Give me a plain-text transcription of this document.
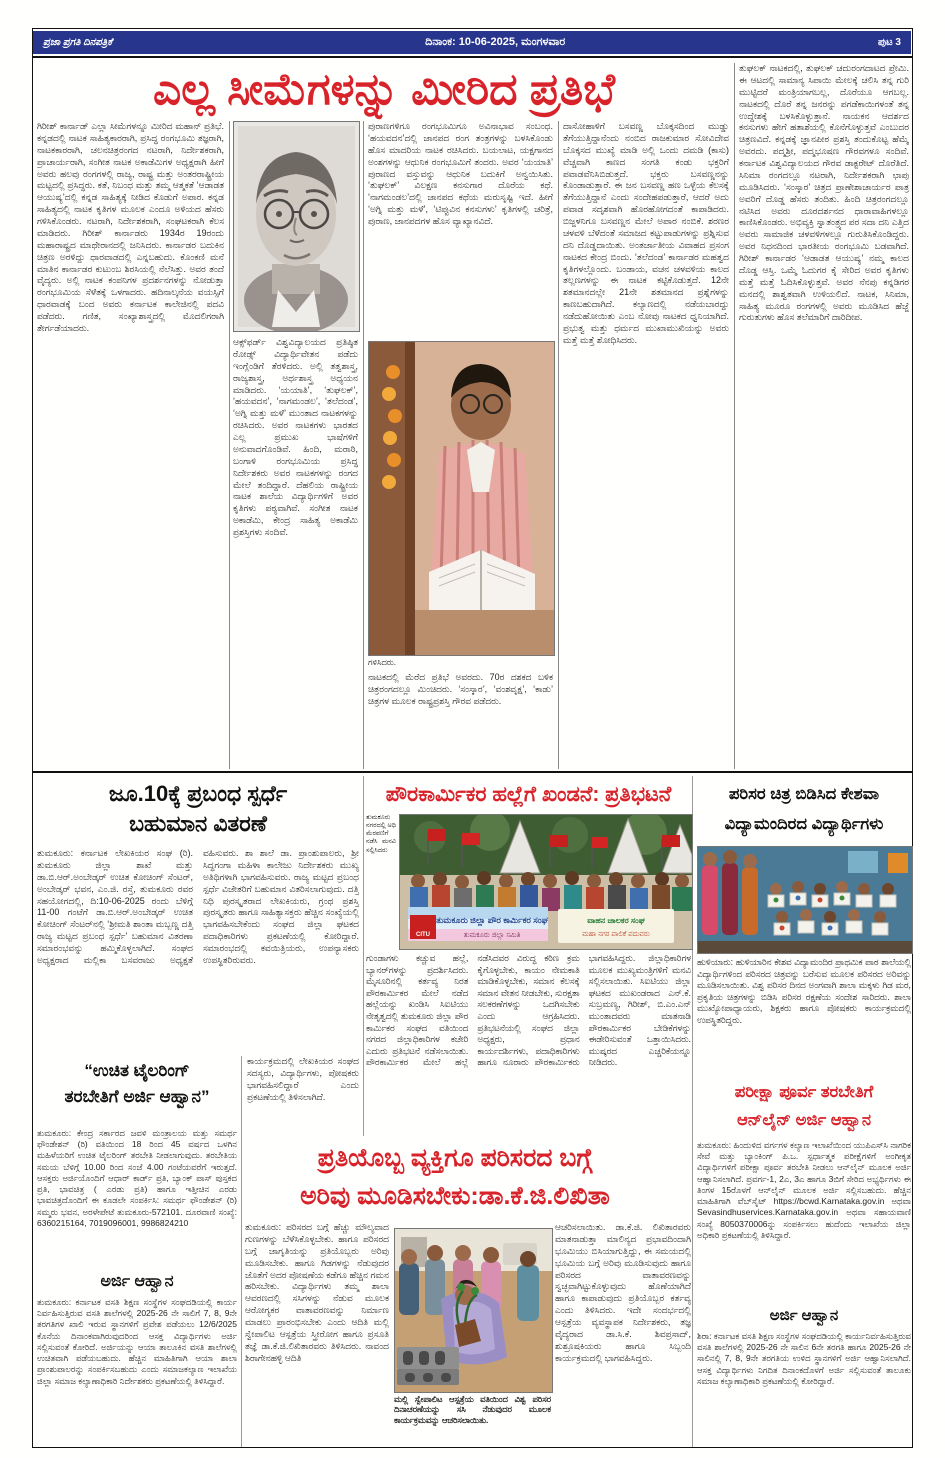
ಪ್ರಜಾ ಪ್ರಗತಿ ದಿನಪತ್ರಿಕೆ	ದಿನಾಂಕ: 10-06-2025, ಮಂಗಳವಾರ	ಪುಟ 3
ಎಲ್ಲ ಸೀಮೆಗಳನ್ನು ಮೀರಿದ ಪ್ರತಿಭೆ
ಗಿರೀಶ್ ಕಾರ್ನಾಡ್ ಎಲ್ಲಾ ಸೀಮೆಗಳನ್ನೂ ಮೀರಿದ ಮಹಾನ್ ಪ್ರತಿಭೆ. ಕನ್ನಡದಲ್ಲಿ ನಾಟಕ ಸಾಹಿತ್ಯಕಾರರಾಗಿ, ಪ್ರಸಿದ್ಧ ರಂಗಭೂಮಿ ತಜ್ಞರಾಗಿ, ನಾಟಕಕಾರರಾಗಿ, ಚಲನಚಿತ್ರರಂಗದ ನಟರಾಗಿ, ನಿರ್ದೇಶಕರಾಗಿ, ಪ್ರಾಚಾರ್ಯರಾಗಿ, ಸಂಗೀತ ನಾಟಕ ಅಕಾಡೆಮಿಗಳ ಅಧ್ಯಕ್ಷರಾಗಿ ಹೀಗೆ ಅವರು ಹಲವು ರಂಗಗಳಲ್ಲಿ ರಾಜ್ಯ, ರಾಷ್ಟ್ರ ಮತ್ತು ಅಂತರರಾಷ್ಟ್ರೀಯ ಮಟ್ಟದಲ್ಲಿ ಪ್ರಸಿದ್ಧರು. ಕತೆ, ನಿಬಂಧ ಮತ್ತು ತಮ್ಮ ಆತ್ಮಕತೆ ‘ಆಡಾಡತ ಆಯುಷ್ಯ’ದಲ್ಲಿ ಕನ್ನಡ ಸಾಹಿತ್ಯಕ್ಕೆ ನೀಡಿದ ಕೊಡುಗೆ ಅಪಾರ. ಕನ್ನಡ ಸಾಹಿತ್ಯದಲ್ಲಿ ನಾಟಕ ಕೃತಿಗಳ ಮೂಲಕ ಎಂದೂ ಅಳಿಯದ ಹೆಸರು ಗಳಿಸಿಕೊಂಡರು. ನಟರಾಗಿ, ನಿರ್ದೇಶಕರಾಗಿ, ಸಂಘಟಕರಾಗಿ ಕೆಲಸ ಮಾಡಿದರು. ಗಿರೀಶ್ ಕಾರ್ನಾಡರು 1934ರ 19ರಂದು ಮಹಾರಾಷ್ಟ್ರದ ಮಾಥೇರಾನದಲ್ಲಿ ಜನಿಸಿದರು. ಕಾರ್ನಾಡರ ಬದುಕಿನ ಚಿತ್ರಣ ಅರಳಿದ್ದು ಧಾರವಾಡದಲ್ಲಿ ಎನ್ನಬಹುದು. ಕೊಂಕಣಿ ಮನೆ ಮಾತಿನ ಕಾರ್ನಾಡರ ಕುಟುಂಬ ಶಿರಸಿಯಲ್ಲಿ ನೆಲೆಸಿತ್ತು. ಅವರ ತಂದೆ ವೈದ್ಯರು. ಅಲ್ಲಿ ನಾಟಕ ಕಂಪನಿಗಳ ಪ್ರದರ್ಶನಗಳನ್ನು ನೋಡುತ್ತಾ ರಂಗಭೂಮಿಯ ಸೆಳೆತಕ್ಕೆ ಒಳಗಾದರು. ಹದಿನಾಲ್ಕನೆಯ ವಯಸ್ಸಿಗೆ ಧಾರವಾಡಕ್ಕೆ ಬಂದ ಅವರು ಕರ್ನಾಟಕ ಕಾಲೇಜಿನಲ್ಲಿ ಪದವಿ ಪಡೆದರು. ಗಣಿತ, ಸಂಖ್ಯಾಶಾಸ್ತ್ರದಲ್ಲಿ ಮೊದಲಿಗರಾಗಿ ತೇರ್ಗಡೆಯಾದರು.
ಆಕ್ಸ್‌ಫರ್ಡ್ ವಿಶ್ವವಿದ್ಯಾಲಯದ ಪ್ರತಿಷ್ಠಿತ ರೋಡ್ಸ್ ವಿದ್ಯಾರ್ಥಿವೇತನ ಪಡೆದು ಇಂಗ್ಲೆಂಡಿಗೆ ತೆರಳಿದರು. ಅಲ್ಲಿ ತತ್ವಶಾಸ್ತ್ರ, ರಾಜ್ಯಶಾಸ್ತ್ರ, ಅರ್ಥಶಾಸ್ತ್ರ ಅಧ್ಯಯನ ಮಾಡಿದರು. ‘ಯಯಾತಿ’, ‘ತುಘಲಕ್’, ‘ಹಯವದನ’, ‘ನಾಗಮಂಡಲ’, ‘ತಲೆದಂಡ’, ‘ಅಗ್ನಿ ಮತ್ತು ಮಳೆ’ ಮುಂತಾದ ನಾಟಕಗಳನ್ನು ರಚಿಸಿದರು. ಅವರ ನಾಟಕಗಳು ಭಾರತದ ಎಲ್ಲ ಪ್ರಮುಖ ಭಾಷೆಗಳಿಗೆ ಅನುವಾದಗೊಂಡಿವೆ. ಹಿಂದಿ, ಮರಾಠಿ, ಬಂಗಾಳಿ ರಂಗಭೂಮಿಯ ಪ್ರಸಿದ್ಧ ನಿರ್ದೇಶಕರು ಅವರ ನಾಟಕಗಳನ್ನು ರಂಗದ ಮೇಲೆ ತಂದಿದ್ದಾರೆ. ದೆಹಲಿಯ ರಾಷ್ಟ್ರೀಯ ನಾಟಕ ಶಾಲೆಯ ವಿದ್ಯಾರ್ಥಿಗಳಿಗೆ ಅವರ ಕೃತಿಗಳು ಪಠ್ಯವಾಗಿವೆ. ಸಂಗೀತ ನಾಟಕ ಅಕಾಡೆಮಿ, ಕೇಂದ್ರ ಸಾಹಿತ್ಯ ಅಕಾಡೆಮಿ ಪ್ರಶಸ್ತಿಗಳು ಸಂದಿವೆ.
ಪುರಾಣಗಳಿಗೂ ರಂಗಭೂಮಿಗೂ ಅವಿನಾಭಾವ ಸಂಬಂಧ. ‘ಹಯವದನ’ದಲ್ಲಿ ಜಾನಪದ ರಂಗ ತಂತ್ರಗಳನ್ನು ಬಳಸಿಕೊಂಡು ಹೊಸ ಮಾದರಿಯ ನಾಟಕ ರಚಿಸಿದರು. ಬಯಲಾಟ, ಯಕ್ಷಗಾನದ ಅಂಶಗಳನ್ನು ಆಧುನಿಕ ರಂಗಭೂಮಿಗೆ ತಂದರು. ಅವರ ‘ಯಯಾತಿ’ ಪುರಾಣದ ವಸ್ತುವನ್ನು ಆಧುನಿಕ ಬದುಕಿಗೆ ಅನ್ವಯಿಸಿತು. ‘ತುಘಲಕ್’ ವಿಲಕ್ಷಣ ಕನಸುಗಾರ ದೊರೆಯ ಕಥೆ. ‘ನಾಗಮಂಡಲ’ದಲ್ಲಿ ಜಾನಪದ ಕಥೆಯ ಮರುಸೃಷ್ಟಿ ಇದೆ. ಹೀಗೆ ‘ಅಗ್ನಿ ಮತ್ತು ಮಳೆ’, ‘ಟಿಪ್ಪುವಿನ ಕನಸುಗಳು’ ಕೃತಿಗಳಲ್ಲಿ ಚರಿತ್ರೆ, ಪುರಾಣ, ಜಾನಪದಗಳ ಹೊಸ ವ್ಯಾಖ್ಯಾನವಿದೆ.
ಗಳಿಸಿದರು.
ನಾಟಕದಲ್ಲಿ ಮೆರೆದ ಪ್ರತಿಭೆ ಅವರದು. 70ರ ದಶಕದ ಬಳಿಕ ಚಿತ್ರರಂಗದಲ್ಲೂ ಮಿಂಚಿದರು. ‘ಸಂಸ್ಕಾರ’, ‘ವಂಶವೃಕ್ಷ’, ‘ಕಾಡು’ ಚಿತ್ರಗಳ ಮೂಲಕ ರಾಷ್ಟ್ರಪ್ರಶಸ್ತಿ ಗೌರವ ಪಡೆದರು.
ದಾಸೋಹಾಳಿಗೆ ಬಸವಣ್ಣ ಬೊಕ್ಕಸದಿಂದ ಮುಡ್ಡು ತೆಗೆಯುತ್ತಿದ್ದಾನೆಂದು ನಂಬಿದ ರಾಜಕುಮಾರ ಸೋವಿದೇವ ಬೊಕ್ಕಸದ ಮುಖ್ಯೆ ಮಾಡಿ ಅಲ್ಲಿ ಒಂದು ದಮಡಿ (ಕಾಸು) ವೆಚ್ಚವಾಗಿ ಕಾಣದ ಸಂಗತಿ ಕಂಡು ಭಕ್ತರಿಗೆ ಪವಾಡವೆನಿಸಿಬಿಡುತ್ತದೆ. ಭಕ್ತರು ಬಸವಣ್ಣನನ್ನು ಕೊಂಡಾಡುತ್ತಾರೆ. ಈ ಜನ ಬಸವಣ್ಣ ಹಣ ಒಳ್ಳೆಯ ಕೆಲಸಕ್ಕೆ ತೆಗೆಯುತ್ತಿದ್ದಾನೆ ಎಂದು ಸಂದೇಹಪಡುತ್ತಾರೆ, ಆದರೆ ಅದು ಪವಾಡ ಸದೃಶವಾಗಿ ಹೊರಹೋಗದಂತೆ ಕಾಪಾಡಿದರು. ಬಿಜ್ಜಳನಿಗೂ ಬಸವಣ್ಣನ ಮೇಲೆ ಅಪಾರ ನಂಬಿಕೆ. ಶರಣರ ಚಳವಳಿ ಬೆಳೆದಂತೆ ಸಮಾಜದ ಕಟ್ಟುಪಾಡುಗಳನ್ನು ಪ್ರಶ್ನಿಸುವ ದನಿ ದೊಡ್ಡದಾಯಿತು. ಅಂತರ್ಜಾತೀಯ ವಿವಾಹದ ಪ್ರಸಂಗ ನಾಟಕದ ಕೇಂದ್ರ ಬಿಂದು. ‘ತಲೆದಂಡ’ ಕಾರ್ನಾಡರ ಮಹತ್ವದ ಕೃತಿಗಳಲ್ಲೊಂದು. ಬಂಡಾಯ, ವಚನ ಚಳವಳಿಯ ಕಾಲದ ತಲ್ಲಣಗಳನ್ನು ಈ ನಾಟಕ ಕಟ್ಟಿಕೊಡುತ್ತದೆ. 12ನೇ ಶತಮಾನದಲ್ಲೇ 21ನೇ ಶತಮಾನದ ಪ್ರಶ್ನೆಗಳನ್ನು ಕಾಣಬಹುದಾಗಿದೆ. ಕಲ್ಯಾಣದಲ್ಲಿ ನಡೆಯಬಾರದ್ದು ನಡೆದುಹೋಯಿತು ಎಂಬ ನೋವು ನಾಟಕದ ಧ್ವನಿಯಾಗಿದೆ. ಪ್ರಭುತ್ವ ಮತ್ತು ಧರ್ಮದ ಮುಖಾಮುಖಿಯನ್ನು ಅವರು ಮತ್ತೆ ಮತ್ತೆ ಶೋಧಿಸಿದರು.
ತುಘಲಕ್ ನಾಟಕದಲ್ಲಿ, ತುಘಲಕ್ ಚದುರಂಗದಾಟದ ಪ್ರೇಮಿ. ಈ ಆಟದಲ್ಲಿ ಸಾಮಾನ್ಯ ಸಿಪಾಯಿ ಮೇಲಕ್ಕೆ ಚಲಿಸಿ ತನ್ನ ಗುರಿ ಮುಟ್ಟಿದರೆ ಮಂತ್ರಿಯಾಗಬಲ್ಲ, ದೊರೆಯೂ ಆಗಬಲ್ಲ. ನಾಟಕದಲ್ಲಿ ದೊರೆ ತನ್ನ ಜನರನ್ನು ಪಗಡೆಕಾಯಿಗಳಂತೆ ತನ್ನ ಉದ್ದೇಶಕ್ಕೆ ಬಳಸಿಕೊಳ್ಳುತ್ತಾನೆ. ನಾಯಕನ ಆದರ್ಶದ ಕನಸುಗಳು ಹೇಗೆ ಹತಾಶೆಯಲ್ಲಿ ಕೊನೆಗೊಳ್ಳುತ್ತವೆ ಎಂಬುದರ ಚಿತ್ರಣವಿದೆ. ಕನ್ನಡಕ್ಕೆ ಜ್ಞಾನಪೀಠ ಪ್ರಶಸ್ತಿ ತಂದುಕೊಟ್ಟ ಹೆಮ್ಮೆ ಅವರದು. ಪದ್ಮಶ್ರೀ, ಪದ್ಮಭೂಷಣ ಗೌರವಗಳೂ ಸಂದಿವೆ. ಕರ್ನಾಟಕ ವಿಶ್ವವಿದ್ಯಾಲಯದ ಗೌರವ ಡಾಕ್ಟರೇಟ್ ದೊರೆತಿದೆ. ಸಿನಿಮಾ ರಂಗದಲ್ಲೂ ನಟರಾಗಿ, ನಿರ್ದೇಶಕರಾಗಿ ಛಾಪು ಮೂಡಿಸಿದರು. ‘ಸಂಸ್ಕಾರ’ ಚಿತ್ರದ ಪ್ರಾಣೇಶಾಚಾರ್ಯರ ಪಾತ್ರ ಅವರಿಗೆ ದೊಡ್ಡ ಹೆಸರು ತಂದಿತು. ಹಿಂದಿ ಚಿತ್ರರಂಗದಲ್ಲೂ ನಟಿಸಿದ ಅವರು ದೂರದರ್ಶನದ ಧಾರಾವಾಹಿಗಳಲ್ಲೂ ಕಾಣಿಸಿಕೊಂಡರು. ಅಭಿವ್ಯಕ್ತಿ ಸ್ವಾತಂತ್ರ್ಯದ ಪರ ಸದಾ ದನಿ ಎತ್ತಿದ ಅವರು ಸಾಮಾಜಿಕ ಚಳವಳಿಗಳಲ್ಲೂ ಗುರುತಿಸಿಕೊಂಡಿದ್ದರು. ಅವರ ನಿಧನದಿಂದ ಭಾರತೀಯ ರಂಗಭೂಮಿ ಬಡವಾಗಿದೆ. ಗಿರೀಶ್ ಕಾರ್ನಾಡರ ‘ಆಡಾಡತ ಆಯುಷ್ಯ’ ನಮ್ಮ ಕಾಲದ ದೊಡ್ಡ ಆಸ್ತಿ. ಒಮ್ಮೆ ಓದುಗರ ಕೈ ಸೇರಿದ ಅವರ ಕೃತಿಗಳು ಮತ್ತೆ ಮತ್ತೆ ಓದಿಸಿಕೊಳ್ಳುತ್ತವೆ. ಅವರ ನೆನಪು ಕನ್ನಡಿಗರ ಮನದಲ್ಲಿ ಶಾಶ್ವತವಾಗಿ ಉಳಿಯಲಿದೆ. ನಾಟಕ, ಸಿನಿಮಾ, ಸಾಹಿತ್ಯ ಮೂರೂ ರಂಗಗಳಲ್ಲಿ ಅವರು ಮೂಡಿಸಿದ ಹೆಜ್ಜೆ ಗುರುತುಗಳು ಹೊಸ ತಲೆಮಾರಿಗೆ ದಾರಿದೀಪ.
ಜೂ.10ಕ್ಕೆ ಪ್ರಬಂಧ ಸ್ಪರ್ಧೆ
ಬಹುಮಾನ ವಿತರಣೆ
ತುಮಕೂರು: ಕರ್ನಾಟಕ ಲೇಖಕಿಯರ ಸಂಘ (ರಿ). ತುಮಕೂರು ಜಿಲ್ಲಾ ಶಾಖೆ ಮತ್ತು ಡಾ.ಬಿ.ಆರ್.ಅಂಬೇಡ್ಕರ್ ಉಚಿತ ಕೋಚಿಂಗ್ ಸೆಂಟರ್, ಅಂಬೇಡ್ಕರ್ ಭವನ, ಎಂ.ಜಿ. ರಸ್ತೆ, ತುಮಕೂರು ರವರ ಸಹಯೋಗದಲ್ಲಿ, ದಿ:10-06-2025 ರಂದು ಬೆಳಿಗ್ಗೆ 11-00 ಗಂಟೆಗೆ ಡಾ.ಬಿ.ಆರ್.ಅಂಬೇಡ್ಕರ್ ಉಚಿತ ಕೋಚಿಂಗ್ ಸೆಂಟರ್‌ನಲ್ಲಿ ‘ಶ್ರೀಮತಿ ಶಾಂತಾ ಮಬ್ಬಣ್ಣ ದತ್ತಿ ರಾಜ್ಯ ಮಟ್ಟದ ಪ್ರಬಂಧ ಸ್ಪರ್ಧೆ’ ಬಹುಮಾನ ವಿತರಣಾ ಸಮಾರಂಭವನ್ನು ಹಮ್ಮಿಕೊಳ್ಳಲಾಗಿದೆ. ಸಂಘದ ಅಧ್ಯಕ್ಷರಾದ ಮಲ್ಲಿಕಾ ಬಸವರಾಜು ಅಧ್ಯಕ್ಷತೆ ವಹಿಸುವರು. ಶಾ ಶಾಲೆ ಡಾ. ಪ್ರಾಂಶುಪಾಲರು, ಶ್ರೀ ಸಿದ್ಧಗಂಗಾ ಮಹಿಳಾ ಕಾಲೇಜು ನಿರ್ದೇಶಕರು ಮುಖ್ಯ ಅತಿಥಿಗಳಾಗಿ ಭಾಗವಹಿಸುವರು. ರಾಜ್ಯ ಮಟ್ಟದ ಪ್ರಬಂಧ ಸ್ಪರ್ಧೆ ವಿಜೇತರಿಗೆ ಬಹುಮಾನ ವಿತರಿಸಲಾಗುವುದು. ದತ್ತಿ ನಿಧಿ ಪುರಸ್ಕೃತರಾದ ಲೇಖಕಿಯರು, ಗ್ರಂಥ ಪ್ರಶಸ್ತಿ ಪುರಸ್ಕೃತರು ಹಾಗೂ ಸಾಹಿತ್ಯಾಸಕ್ತರು ಹೆಚ್ಚಿನ ಸಂಖ್ಯೆಯಲ್ಲಿ ಭಾಗವಹಿಸಬೇಕೆಂದು ಸಂಘದ ಜಿಲ್ಲಾ ಘಟಕದ ಪದಾಧಿಕಾರಿಗಳು ಪ್ರಕಟಣೆಯಲ್ಲಿ ಕೋರಿದ್ದಾರೆ. ಸಮಾರಂಭದಲ್ಲಿ ಕವಯಿತ್ರಿಯರು, ಉಪನ್ಯಾಸಕರು ಉಪಸ್ಥಿತರಿರುವರು.
ಕಾರ್ಯಕ್ರಮದಲ್ಲಿ ಲೇಖಕಿಯರ ಸಂಘದ ಸದಸ್ಯರು, ವಿದ್ಯಾರ್ಥಿಗಳು, ಪೋಷಕರು ಭಾಗವಹಿಸಲಿದ್ದಾರೆ ಎಂದು ಪ್ರಕಟಣೆಯಲ್ಲಿ ತಿಳಿಸಲಾಗಿದೆ.
“ಉಚಿತ ಟೈಲರಿಂಗ್
ತರಬೇತಿಗೆ ಅರ್ಜಿ ಆಹ್ವಾನ”
ತುಮಕೂರು: ಕೇಂದ್ರ ಸರ್ಕಾರದ ಜವಳಿ ಮಂತ್ರಾಲಯ ಮತ್ತು ಸಮರ್ಥ ಫೌಂಡೇಶನ್ (ರಿ) ವತಿಯಿಂದ 18 ರಿಂದ 45 ವರ್ಷದ ಒಳಗಿನ ಮಹಿಳೆಯರಿಗೆ ಉಚಿತ ಟೈಲರಿಂಗ್ ತರಬೇತಿ ನೀಡಲಾಗುವುದು. ತರಬೇತಿಯ ಸಮಯ ಬೆಳಿಗ್ಗೆ 10.00 ರಿಂದ ಸಂಜೆ 4.00 ಗಂಟೆಯವರೆಗೆ ಇರುತ್ತದೆ. ಆಸಕ್ತರು ಅರ್ಜಿಯೊಂದಿಗೆ ಆಧಾರ್ ಕಾರ್ಡ್ ಪ್ರತಿ, ಬ್ಯಾಂಕ್ ಪಾಸ್ ಪುಸ್ತಕದ ಪ್ರತಿ, ಭಾವಚಿತ್ರ ( ಎರಡು ಪ್ರತಿ) ಹಾಗೂ ಇತ್ತೀಚಿನ ಎರಡು ಭಾವಚಿತ್ರದೊಂದಿಗೆ ಈ ಕೂಡಲೇ ಸಂಪರ್ಕಿಸಿ: ಸಮರ್ಥ ಫೌಂಡೇಶನ್ (ರಿ) ಸಮ್ಮರು ಭವನ, ಅರಳೇಪೇಟೆ ತುಮಕೂರು-572101. ದೂರವಾಣಿ ಸಂಖ್ಯೆ: 6360215164, 7019096001, 9986824210
ಅರ್ಜಿ ಆಹ್ವಾನ
ತುಮಕೂರು: ಕರ್ನಾಟಕ ವಸತಿ ಶಿಕ್ಷಣ ಸಂಸ್ಥೆಗಳ ಸಂಘದಡಿಯಲ್ಲಿ ಕಾರ್ಯ ನಿರ್ವಹಿಸುತ್ತಿರುವ ವಸತಿ ಶಾಲೆಗಳಲ್ಲಿ 2025-26 ನೇ ಸಾಲಿಗೆ 7, 8, 9ನೇ ತರಗತಿಗಳ ಖಾಲಿ ಇರುವ ಸ್ಥಾನಗಳಿಗೆ ಪ್ರವೇಶ ಪಡೆಯಲು 12/6/2025 ಕೊನೆಯ ದಿನಾಂಕವಾಗಿರುವುದರಿಂದ ಆಸಕ್ತ ವಿದ್ಯಾರ್ಥಿಗಳು ಅರ್ಜಿ ಸಲ್ಲಿಸುವಂತೆ ಕೋರಿದೆ. ಅರ್ಜಿಯನ್ನು ಆಯಾ ತಾಲೂಕಿನ ವಸತಿ ಶಾಲೆಗಳಲ್ಲಿ ಉಚಿತವಾಗಿ ಪಡೆಯಬಹುದು. ಹೆಚ್ಚಿನ ಮಾಹಿತಿಗಾಗಿ ಆಯಾ ಶಾಲಾ ಪ್ರಾಂಶುಪಾಲರನ್ನು ಸಂಪರ್ಕಿಸಬಹುದು ಎಂದು ಸಮಾಜಕಲ್ಯಾಣ ಇಲಾಖೆಯ ಜಿಲ್ಲಾ ಸಮಾಜ ಕಲ್ಯಾಣಾಧಿಕಾರಿ ನಿರ್ದೇಶಕರು ಪ್ರಕಟಣೆಯಲ್ಲಿ ತಿಳಿಸಿದ್ದಾರೆ.
ಪೌರಕಾರ್ಮಿಕರ ಹಲ್ಲೆಗೆ ಖಂಡನೆ: ಪ್ರತಿಭಟನೆ
ತುಮಕೂರು ನಗರದಲ್ಲಿ ಅಧಿ ಮೆರವಣಿಗೆ ನಡೆಸಿ ಮನವಿ ಸಲ್ಲಿಸಿದರು
CITU
ತುಮಕೂರು ಜಿಲ್ಲಾ ಪೌರ ಕಾರ್ಮಿಕರ ಸಂಘ
ತುಮಕೂರು ಜಿಲ್ಲಾ ಸಮಿತಿ
ವಾಹನ ಚಾಲಕರ ಸಂಘ
ಮಹಾ ನಗರ ಪಾಲಿಕೆ ಪದುವರು
ಗುಂಡಾಗಳು ಕಚ್ಚುವ ಹಲ್ಲೆ, ಬ್ಯಾನರ್‌ಗಳನ್ನು ಪ್ರದರ್ಶಿಸಿದರು. ಮೈಸೂರಿನಲ್ಲಿ ಕರ್ತವ್ಯ ನಿರತ ಪೌರಕಾರ್ಮಿಕರ ಮೇಲೆ ನಡೆದ ಹಲ್ಲೆಯನ್ನು ಖಂಡಿಸಿ ಸಿಐಟಿಯು ನೇತೃತ್ವದಲ್ಲಿ ತುಮಕೂರು ಜಿಲ್ಲಾ ಪೌರ ಕಾರ್ಮಿಕರ ಸಂಘದ ವತಿಯಿಂದ ನಗರದ ಜಿಲ್ಲಾಧಿಕಾರಿಗಳ ಕಚೇರಿ ಎದುರು ಪ್ರತಿಭಟನೆ ನಡೆಸಲಾಯಿತು. ಪೌರಕಾರ್ಮಿಕರ ಮೇಲೆ ಹಲ್ಲೆ ನಡೆಸಿದವರ ವಿರುದ್ಧ ಕಠಿಣ ಕ್ರಮ ಕೈಗೊಳ್ಳಬೇಕು, ಕಾಯಂ ನೇಮಕಾತಿ ಮಾಡಿಕೊಳ್ಳಬೇಕು, ಸಮಾನ ಕೆಲಸಕ್ಕೆ ಸಮಾನ ವೇತನ ನೀಡಬೇಕು, ಸುರಕ್ಷತಾ ಸಲಕರಣೆಗಳನ್ನು ಒದಗಿಸಬೇಕು ಎಂದು ಆಗ್ರಹಿಸಿದರು. ಪ್ರತಿಭಟನೆಯಲ್ಲಿ ಸಂಘದ ಜಿಲ್ಲಾ ಅಧ್ಯಕ್ಷರು, ಪ್ರಧಾನ ಕಾರ್ಯದರ್ಶಿಗಳು, ಪದಾಧಿಕಾರಿಗಳು ಹಾಗೂ ನೂರಾರು ಪೌರಕಾರ್ಮಿಕರು ಭಾಗವಹಿಸಿದ್ದರು. ಜಿಲ್ಲಾಧಿಕಾರಿಗಳ ಮೂಲಕ ಮುಖ್ಯಮಂತ್ರಿಗಳಿಗೆ ಮನವಿ ಸಲ್ಲಿಸಲಾಯಿತು. ಸಿಐಟಿಯು ಜಿಲ್ಲಾ ಘಟಕದ ಮುಖಂಡರಾದ ಎನ್.ಕೆ. ಸುಬ್ರಮಣ್ಯ, ಗಿರೀಶ್, ಬಿ.ಎಂ.ಎನ್ ಮುಂತಾದವರು ಮಾತನಾಡಿ ಪೌರಕಾರ್ಮಿಕರ ಬೇಡಿಕೆಗಳನ್ನು ಈಡೇರಿಸುವಂತೆ ಒತ್ತಾಯಿಸಿದರು. ಮುಷ್ಕರದ ಎಚ್ಚರಿಕೆಯನ್ನೂ ನೀಡಿದರು.
ಪ್ರತಿಯೊಬ್ಬ ವ್ಯಕ್ತಿಗೂ ಪರಿಸರದ ಬಗ್ಗೆ
ಅರಿವು ಮೂಡಿಸಬೇಕು:ಡಾ.ಕೆ.ಜಿ.ಲಿಖಿತಾ
ತುಮಕೂರು: ಪರಿಸರದ ಬಗ್ಗೆ ಹೆಚ್ಚು ಮೌಲ್ಯವಾದ ಗುಣಗಳನ್ನು ಬೆಳೆಸಿಕೊಳ್ಳಬೇಕು. ಹಾಗೂ ಪರಿಸರದ ಬಗ್ಗೆ ಜಾಗೃತಿಯನ್ನು ಪ್ರತಿಯೊಬ್ಬರು ಅರಿವು ಮೂಡಿಸಬೇಕು. ಹಾಗೂ ಗಿಡಗಳನ್ನು ನೆಡುವುದರ ಜೊತೆಗೆ ಅದರ ಪೋಷಣೆಯ ಕಡೆಗೂ ಹೆಚ್ಚಿನ ಗಮನ ಹರಿಸಬೇಕು. ವಿದ್ಯಾರ್ಥಿಗಳು ತಮ್ಮ ಶಾಲಾ ಆವರಣದಲ್ಲಿ ಸಸಿಗಳನ್ನು ನೆಡುವ ಮೂಲಕ ಆರೋಗ್ಯಕರ ವಾತಾವರಣವನ್ನು ನಿರ್ಮಾಣ ಮಾಡಲು ಪ್ರಾರಂಭಿಸಬೇಕು ಎಂದು ಆದಿತಿ ಮಲ್ಲಿ ಸ್ವೇಪಾಲಿಟ ಆಸ್ಪತ್ರೆಯ ಸ್ತ್ರೀರೋಗ ಹಾಗೂ ಪ್ರಸೂತಿ ತಜ್ಞೆ ಡಾ.ಕೆ.ಜಿ.ಲಿಖಿತಾರವರು ತಿಳಿಸಿದರು. ನಾವಂದ ಶಿರಾಗೇನಹಳ್ಳಿ ಆದಿತಿ
ಮಲ್ಲಿ ಸ್ವೇಪಾಲಿಟ ಆಸ್ಪತ್ರೆಯ ವತಿಯಿಂದ ವಿಶ್ವ ಪರಿಸರ ದಿನಾಚರಣೆಯನ್ನು ಸಸಿ ನೆಡುವುದರ ಮೂಲಕ ಕಾರ್ಯಕ್ರಮವನ್ನು ಆಚರಿಸಲಾಯಿತು.
ಆಚರಿಸಲಾಯಿತು. ಡಾ.ಕೆ.ಜಿ. ಲಿಖಿತಾರವರು ಮಾತನಾಡುತ್ತಾ ಮಾಲಿನ್ಯದ ಪ್ರಭಾವದಿಂದಾಗಿ ಭೂಮಿಯು ಬಿಸಿಯಾಗುತ್ತಿದ್ದು, ಈ ಸಮಯದಲ್ಲಿ ಭೂಮಿಯ ಬಗ್ಗೆ ಅರಿವು ಮೂಡಿಸುವುದು ಹಾಗೂ ಪರಿಸರದ ವಾತಾವರಣವನ್ನು ಸ್ವಚ್ಛವಾಗಿಟ್ಟುಕೊಳ್ಳುವುದು ಹೊಣೆಯಾಗಿದೆ ಹಾಗೂ ಕಾಪಾಡುವುದು ಪ್ರತಿಯೊಬ್ಬರ ಕರ್ತವ್ಯ ಎಂದು ತಿಳಿಸಿದರು. ಇದೇ ಸಂದರ್ಭದಲ್ಲಿ ಆಸ್ಪತ್ರೆಯ ವ್ಯವಸ್ಥಾಪಕ ನಿರ್ದೇಶಕರು, ತಜ್ಞ ವೈದ್ಯರಾದ ಡಾ.ಸಿ.ಕೆ. ಶಿವಪ್ರಸಾದ್, ಶುಶ್ರೂಷಕಿಯರು ಹಾಗೂ ಸಿಬ್ಬಂದಿ ಕಾರ್ಯಕ್ರಮದಲ್ಲಿ ಭಾಗವಹಿಸಿದ್ದರು.
ಪರಿಸರ ಚಿತ್ರ ಬಿಡಿಸಿದ ಕೇಶವಾ
ವಿದ್ಯಾಮಂದಿರದ ವಿದ್ಯಾರ್ಥಿಗಳು
ಹುಳಿಯಾರು: ಹುಳಿಯಾರಿನ ಕೇಶವ ವಿದ್ಯಾಮಂದಿರ ಪ್ರಾಥಮಿಕ ಪಾಠ ಶಾಲೆಯಲ್ಲಿ ವಿದ್ಯಾರ್ಥಿಗಳಿಂದ ಪರಿಸರದ ಚಿತ್ರವನ್ನು ಬರೆಸುವ ಮೂಲಕ ಪರಿಸರದ ಅರಿವನ್ನು ಮೂಡಿಸಲಾಯಿತು. ವಿಶ್ವ ಪರಿಸರ ದಿನದ ಅಂಗವಾಗಿ ಶಾಲಾ ಮಕ್ಕಳು ಗಿಡ ಮರ, ಪ್ರಕೃತಿಯ ಚಿತ್ರಗಳನ್ನು ಬಿಡಿಸಿ ಪರಿಸರ ರಕ್ಷಣೆಯ ಸಂದೇಶ ಸಾರಿದರು. ಶಾಲಾ ಮುಖ್ಯೋಪಾಧ್ಯಾಯರು, ಶಿಕ್ಷಕರು ಹಾಗೂ ಪೋಷಕರು ಕಾರ್ಯಕ್ರಮದಲ್ಲಿ ಉಪಸ್ಥಿತರಿದ್ದರು.
ಪರೀಕ್ಷಾ ಪೂರ್ವ ತರಬೇತಿಗೆ
ಆನ್‌ಲೈನ್ ಅರ್ಜಿ ಆಹ್ವಾನ
ತುಮಕೂರು: ಹಿಂದುಳಿದ ವರ್ಗಗಳ ಕಲ್ಯಾಣ ಇಲಾಖೆಯಿಂದ ಯುಪಿಎಸ್‌ಸಿ ನಾಗರಿಕ ಸೇವೆ ಮತ್ತು ಬ್ಯಾಂಕಿಂಗ್ ಪಿ.ಒ. ಸ್ಪರ್ಧಾತ್ಮಕ ಪರೀಕ್ಷೆಗಳಿಗೆ ಅಂಗೀಕೃತ ವಿದ್ಯಾರ್ಥಿಗಳಿಗೆ ಪರೀಕ್ಷಾ ಪೂರ್ವ ತರಬೇತಿ ನೀಡಲು ಆನ್‌ಲೈನ್ ಮೂಲಕ ಅರ್ಜಿ ಆಹ್ವಾನಿಸಲಾಗಿದೆ. ಪ್ರವರ್ಗ-1, 2ಎ, 3ಎ ಹಾಗೂ 3ಬಿಗೆ ಸೇರಿದ ಅಭ್ಯರ್ಥಿಗಳು ಈ ತಿಂಗಳ 15ರೊಳಗೆ ಆನ್‌ಲೈನ್ ಮೂಲಕ ಅರ್ಜಿ ಸಲ್ಲಿಸಬಹುದು. ಹೆಚ್ಚಿನ ಮಾಹಿತಿಗಾಗಿ ವೆಬ್‌ಸೈಟ್ https://bcwd.Karnataka.gov.in ಅಥವಾ Sevasindhuservices.Karnataka.gov.in ಅಥವಾ ಸಹಾಯವಾಣಿ ಸಂಖ್ಯೆ 8050370006ನ್ನು ಸಂಪರ್ಕಿಸಲು ಹುದೆಂದು ಇಲಾಖೆಯ ಜಿಲ್ಲಾ ಅಧಿಕಾರಿ ಪ್ರಕಟಣೆಯಲ್ಲಿ ತಿಳಿಸಿದ್ದಾರೆ.
ಅರ್ಜಿ ಆಹ್ವಾನ
ಶಿರಾ: ಕರ್ನಾಟಕ ವಸತಿ ಶಿಕ್ಷಣ ಸಂಸ್ಥೆಗಳ ಸಂಘದಡಿಯಲ್ಲಿ ಕಾರ್ಯನಿರ್ವಹಿಸುತ್ತಿರುವ ವಸತಿ ಶಾಲೆಗಳಲ್ಲಿ 2025-26 ನೇ ಸಾಲಿನ 6ನೇ ತರಗತಿ ಹಾಗೂ 2025-26 ನೇ ಸಾಲಿನಲ್ಲಿ 7, 8, 9ನೇ ತರಗತಿಯ ಉಳಿದ ಸ್ಥಾನಗಳಿಗೆ ಅರ್ಜಿ ಆಹ್ವಾನಿಸಲಾಗಿದೆ. ಆಸಕ್ತ ವಿದ್ಯಾರ್ಥಿಗಳು ನಿಗದಿತ ದಿನಾಂಕದೊಳಗೆ ಅರ್ಜಿ ಸಲ್ಲಿಸುವಂತೆ ತಾಲೂಕು ಸಮಾಜ ಕಲ್ಯಾಣಾಧಿಕಾರಿ ಪ್ರಕಟಣೆಯಲ್ಲಿ ಕೋರಿದ್ದಾರೆ.
